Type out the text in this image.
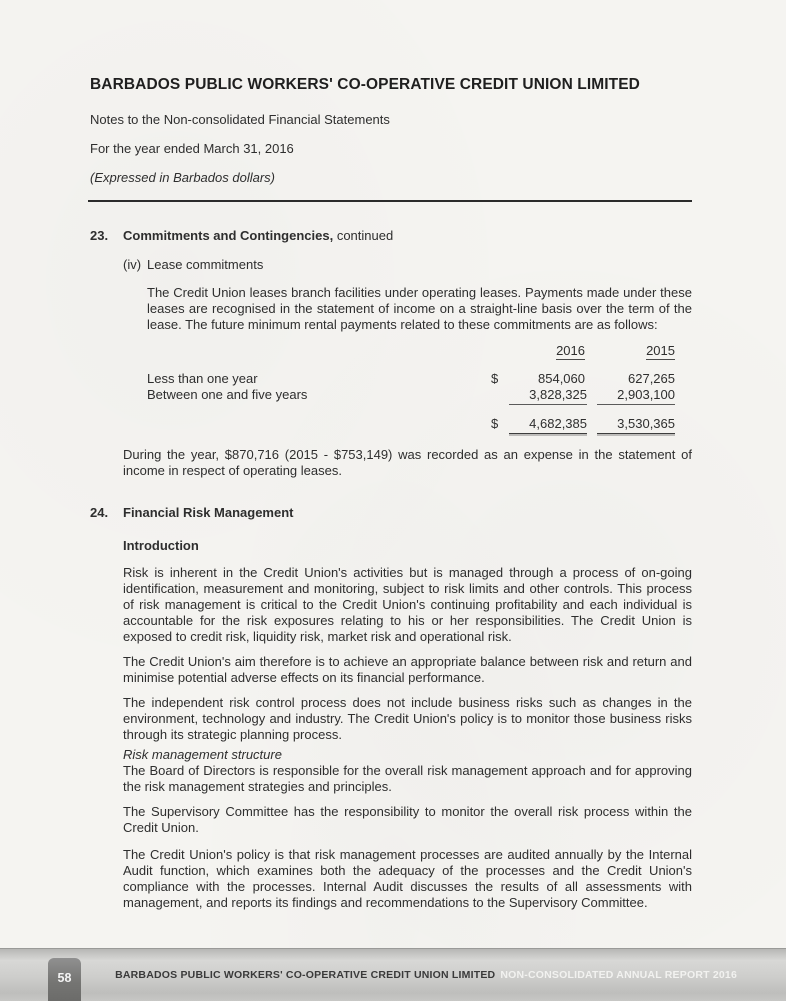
BARBADOS PUBLIC WORKERS' CO-OPERATIVE CREDIT UNION LIMITED

Notes to the Non-consolidated Financial Statements

For the year ended March 31, 2016

(Expressed in Barbados dollars)

23.	Commitments and Contingencies, continued
(iv) Lease commitments

The Credit Union leases branch facilities under operating leases. Payments made under these leases are recognised in the statement of income on a straight-line basis over the term of the lease. The future minimum rental payments related to these commitments are as follows:

2016	2015
Less than one year	$	854,060	627,265
Between one and five years	3,828,325	2,903,100
$	4,682,385	3,530,365

During the year, $870,716 (2015 - $753,149) was recorded as an expense in the statement of income in respect of operating leases.

24.	Financial Risk Management

Introduction

Risk is inherent in the Credit Union's activities but is managed through a process of on-going identification, measurement and monitoring, subject to risk limits and other controls. This process of risk management is critical to the Credit Union's continuing profitability and each individual is accountable for the risk exposures relating to his or her responsibilities. The Credit Union is exposed to credit risk, liquidity risk, market risk and operational risk.

The Credit Union's aim therefore is to achieve an appropriate balance between risk and return and minimise potential adverse effects on its financial performance.

The independent risk control process does not include business risks such as changes in the environment, technology and industry. The Credit Union's policy is to monitor those business risks through its strategic planning process.

Risk management structure

The Board of Directors is responsible for the overall risk management approach and for approving the risk management strategies and principles.

The Supervisory Committee has the responsibility to monitor the overall risk process within the Credit Union.

The Credit Union's policy is that risk management processes are audited annually by the Internal Audit function, which examines both the adequacy of the processes and the Credit Union's compliance with the processes. Internal Audit discusses the results of all assessments with management, and reports its findings and recommendations to the Supervisory Committee.

58	BARBADOS PUBLIC WORKERS' CO-OPERATIVE CREDIT UNION LIMITED NON-CONSOLIDATED ANNUAL REPORT 2016
